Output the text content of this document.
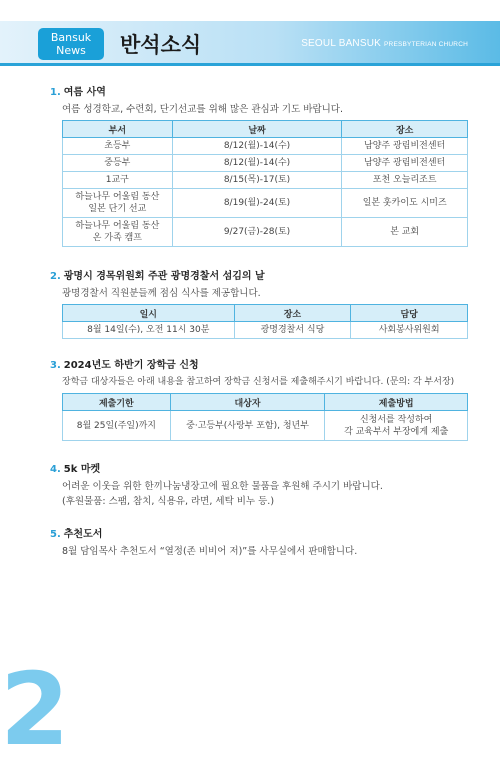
Bansuk
News	반석소식	SEOUL BANSUK PRESBYTERIAN CHURCH
1. 여름 사역
여름 성경학교, 수련회, 단기선교를 위해 많은 관심과 기도 바랍니다.
부서	날짜	장소
초등부	8/12(월)-14(수)	남양주 광림비전센터
중등부	8/12(월)-14(수)	남양주 광림비전센터
1교구	8/15(목)-17(토)	포천 오늘리조트
하늘나무 어울림 동산
일본 단기 선교	8/19(월)-24(토)	일본 훗카이도 시미즈
하늘나무 어울림 동산
온 가족 캠프	9/27(금)-28(토)	본 교회
2. 광명시 경목위원회 주관 광명경찰서 섬김의 날
광명경찰서 직원분들께 점심 식사를 제공합니다.
일시	장소	담당
8월 14일(수), 오전 11시 30분	광명경찰서 식당	사회봉사위원회
3. 2024년도 하반기 장학금 신청
장학금 대상자들은 아래 내용을 참고하여 장학금 신청서를 제출해주시기 바랍니다. (문의: 각 부서장)
제출기한	대상자	제출방법
8월 25일(주일)까지	중·고등부(사랑부 포함), 청년부	신청서를 작성하여
각 교육부서 부장에게 제출
4. 5k 마켓
어려운 이웃을 위한 한끼나눔냉장고에 필요한 물품을 후원해 주시기 바랍니다.
(후원물품: 스팸, 참치, 식용유, 라면, 세탁 비누 등.)
5. 추천도서
8월 담임목사 추천도서 “열정(존 비비어 저)”를 사무실에서 판매합니다.
2
